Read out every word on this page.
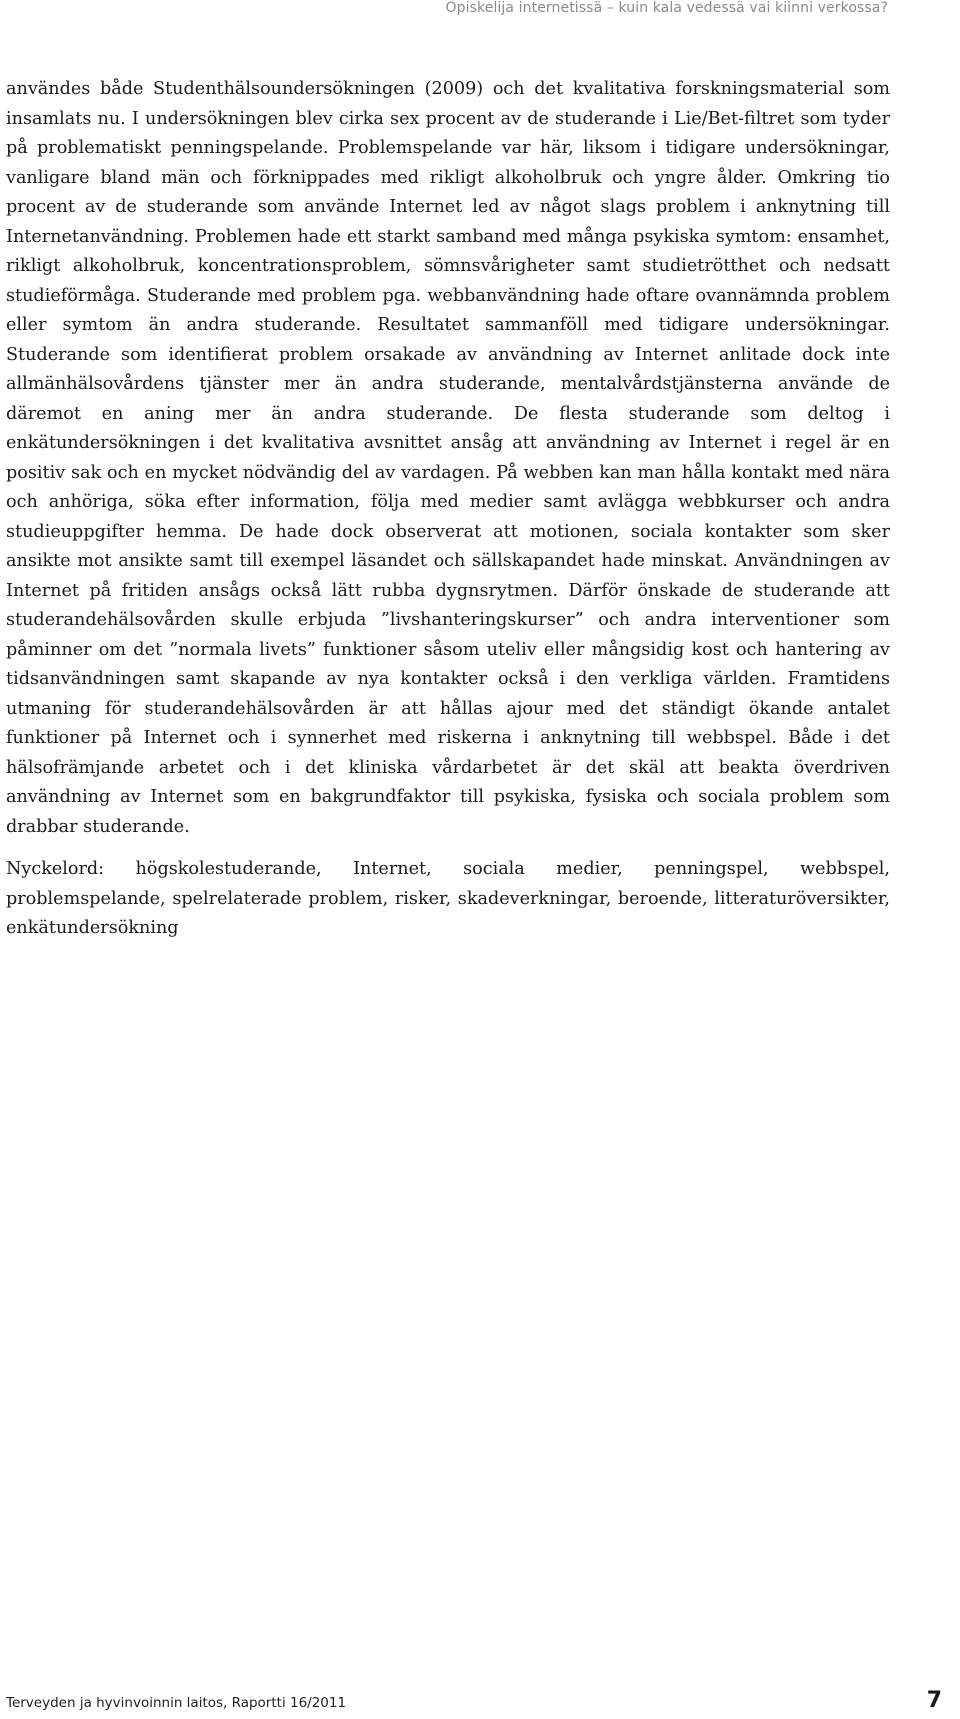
Opiskelija internetissä – kuin kala vedessä vai kiinni verkossa?

användes både Studenthälsoundersökningen (2009) och det kvalitativa forskningsmaterial som insamlats nu. I undersökningen blev cirka sex procent av de studerande i Lie/Bet-filtret som tyder på problematiskt penningspelande. Problemspelande var här, liksom i tidigare undersökningar, vanligare bland män och förknippades med rikligt alkoholbruk och yngre ålder. Omkring tio procent av de studerande som använde Internet led av något slags problem i anknytning till Internetanvändning. Problemen hade ett starkt samband med många psykiska symtom: ensamhet, rikligt alkoholbruk, koncentrationsproblem, sömnsvårigheter samt studietrötthet och nedsatt studieförmåga. Studerande med problem pga. webbanvändning hade oftare ovannämnda problem eller symtom än andra studerande. Resultatet sammanföll med tidigare undersökningar. Studerande som identifierat problem orsakade av användning av Internet anlitade dock inte allmänhälsovårdens tjänster mer än andra studerande, mentalvårdstjänsterna använde de däremot en aning mer än andra studerande. De flesta studerande som deltog i enkätundersökningen i det kvalitativa avsnittet ansåg att användning av Internet i regel är en positiv sak och en mycket nödvändig del av vardagen. På webben kan man hålla kontakt med nära och anhöriga, söka efter information, följa med medier samt avlägga webbkurser och andra studieuppgifter hemma. De hade dock observerat att motionen, sociala kontakter som sker ansikte mot ansikte samt till exempel läsandet och sällskapandet hade minskat. Användningen av Internet på fritiden ansågs också lätt rubba dygnsrytmen. Därför önskade de studerande att studerandehälsovården skulle erbjuda ”livshanteringskurser” och andra interventioner som påminner om det ”normala livets” funktioner såsom uteliv eller mångsidig kost och hantering av tidsanvändningen samt skapande av nya kontakter också i den verkliga världen. Framtidens utmaning för studerandehälsovården är att hållas ajour med det ständigt ökande antalet funktioner på Internet och i synnerhet med riskerna i anknytning till webbspel. Både i det hälsofrämjande arbetet och i det kliniska vårdarbetet är det skäl att beakta överdriven användning av Internet som en bakgrundfaktor till psykiska, fysiska och sociala problem som drabbar studerande.

Nyckelord: högskolestuderande, Internet, sociala medier, penningspel, webbspel, problemspelande, spelrelaterade problem, risker, skadeverkningar, beroende, litteraturöversikter, enkätundersökning

Terveyden ja hyvinvoinnin laitos, Raportti 16/2011	7
